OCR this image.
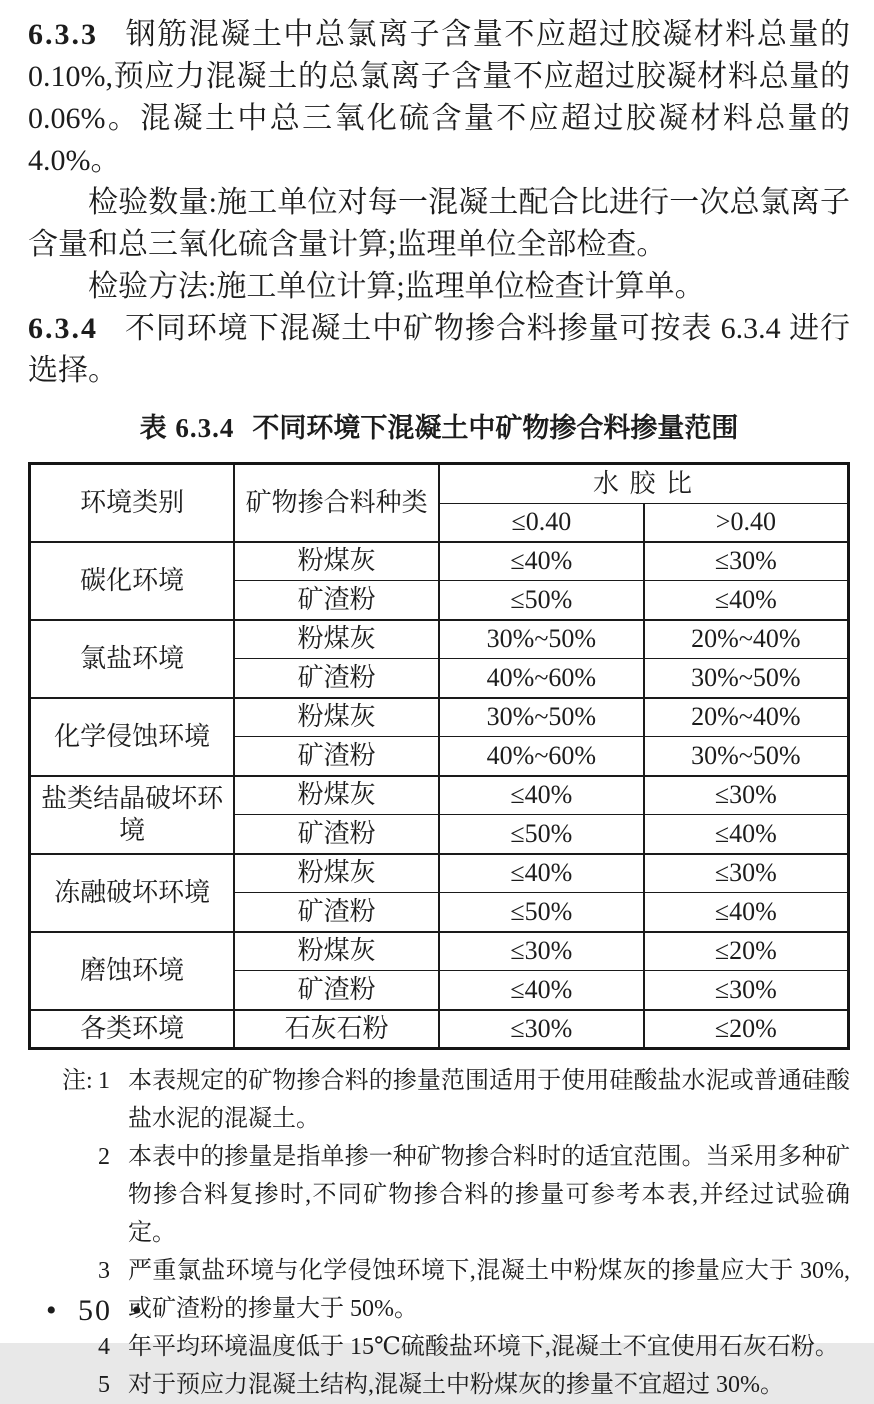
6.3.3 钢筋混凝土中总氯离子含量不应超过胶凝材料总量的 0.10%,预应力混凝土的总氯离子含量不应超过胶凝材料总量的 0.06%。混凝土中总三氧化硫含量不应超过胶凝材料总量的 4.0%。

检验数量:施工单位对每一混凝土配合比进行一次总氯离子含量和总三氧化硫含量计算;监理单位全部检查。

检验方法:施工单位计算;监理单位检查计算单。

6.3.4 不同环境下混凝土中矿物掺合料掺量可按表 6.3.4 进行选择。

表 6.3.4 不同环境下混凝土中矿物掺合料掺量范围
环境类别	矿物掺合料种类	水 胶 比	
		≤0.40	>0.40
碳化环境	粉煤灰	≤40%	≤30%
	矿渣粉	≤50%	≤40%
氯盐环境	粉煤灰	30%~50%	20%~40%
	矿渣粉	40%~60%	30%~50%
化学侵蚀环境	粉煤灰	30%~50%	20%~40%
	矿渣粉	40%~60%	30%~50%
盐类结晶破坏环境	粉煤灰	≤40%	≤30%
	矿渣粉	≤50%	≤40%
冻融破坏环境	粉煤灰	≤40%	≤30%
	矿渣粉	≤50%	≤40%
磨蚀环境	粉煤灰	≤30%	≤20%
	矿渣粉	≤40%	≤30%
各类环境	石灰石粉	≤30%	≤20%
注: 1 本表规定的矿物掺合料的掺量范围适用于使用硅酸盐水泥或普通硅酸盐水泥的混凝土。
2 本表中的掺量是指单掺一种矿物掺合料时的适宜范围。当采用多种矿物掺合料复掺时,不同矿物掺合料的掺量可参考本表,并经过试验确定。
3 严重氯盐环境与化学侵蚀环境下,混凝土中粉煤灰的掺量应大于 30%,或矿渣粉的掺量大于 50%。
4 年平均环境温度低于 15℃硫酸盐环境下,混凝土不宜使用石灰石粉。
5 对于预应力混凝土结构,混凝土中粉煤灰的掺量不宜超过 30%。
• 50 •
